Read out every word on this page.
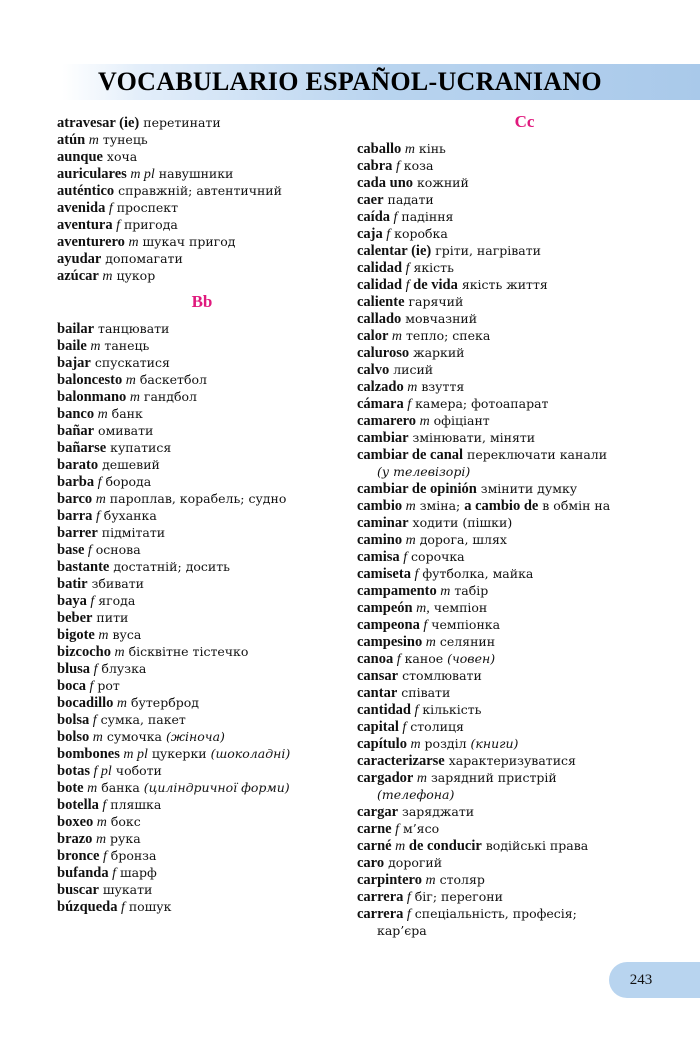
VOCABULARIO ESPAÑOL-UCRANIANO
atravesar (ie) перетинати
atún m тунець
aunque хоча
auriculares m pl навушники
auténtico справжній; автентичний
avenida f проспект
aventura f пригода
aventurero m шукач пригод
ayudar допомагати
azúcar m цукор
Bb
bailar танцювати
baile m танець
bajar спускатися
baloncesto m баскетбол
balonmano m гандбол
banco m банк
bañar омивати
bañarse купатися
barato дешевий
barba f борода
barco m пароплав, корабель; судно
barra f буханка
barrer підмітати
base f основа
bastante достатній; досить
batir збивати
baya f ягода
beber пити
bigote m вуса
bizcocho m бісквітне тістечко
blusa f блузка
boca f рот
bocadillo m бутерброд
bolsa f сумка, пакет
bolso m сумочка (жіноча)
bombones m pl цукерки (шоколадні)
botas f pl чоботи
bote m банка (циліндричної форми)
botella f пляшка
boxeo m бокс
brazo m рука
bronce f бронза
bufanda f шарф
buscar шукати
búzqueda f пошук
Cc
caballo m кінь
cabra f коза
cada uno кожний
caer падати
caída f падіння
caja f коробка
calentar (ie) гріти, нагрівати
calidad f якість
calidad f de vida якість життя
caliente гарячий
callado мовчазний
calor m тепло; спека
caluroso жаркий
calvo лисий
calzado m взуття
cámara f камера; фотоапарат
camarero m офіціант
cambiar змінювати, міняти
cambiar de canal переключати канали
(у телевізорі)
cambiar de opinión змінити думку
cambio m зміна; a cambio de в обмін на
caminar ходити (пішки)
camino m дорога, шлях
camisa f сорочка
camiseta f футболка, майка
campamento m табір
campeón m, чемпіон
campeona f чемпіонка
campesino m селянин
canoa f каное (човен)
cansar стомлювати
cantar співати
cantidad f кількість
capital f столиця
capítulo m розділ (книги)
caracterizarse характеризуватися
cargador m зарядний пристрій
(телефона)
cargar заряджати
carne f м’ясо
carné m de conducir водійські права
caro дорогий
carpintero m столяр
carrera f біг; перегони
carrera f спеціальність, професія;
кар’єра
243
